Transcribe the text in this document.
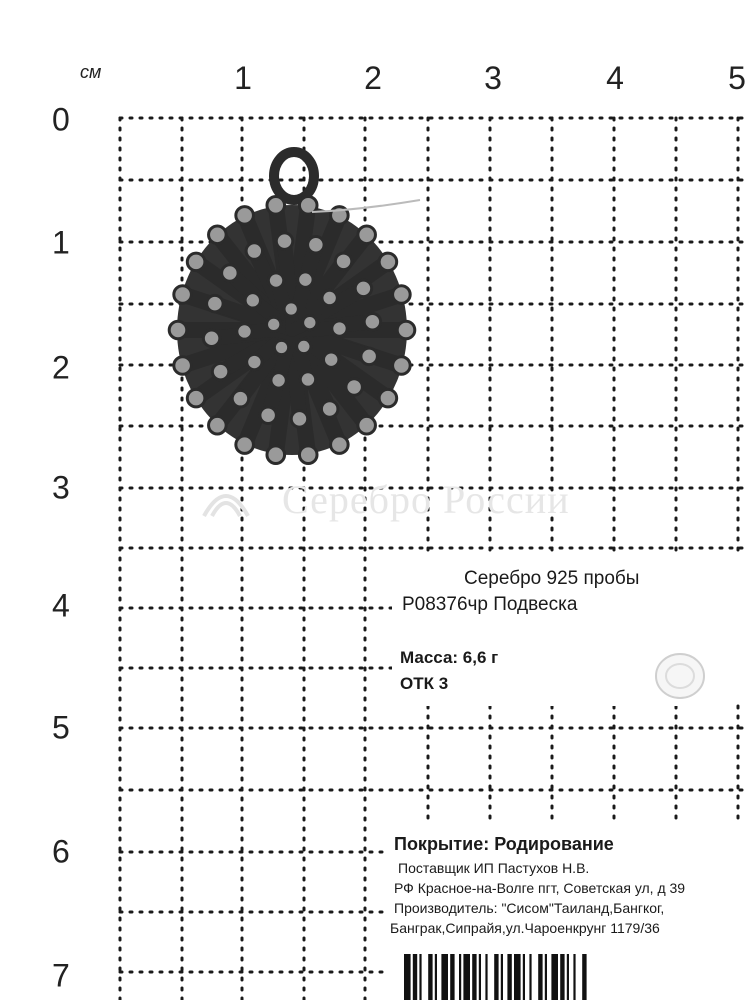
см	1	2	3	4	5
0
1
2
3
4
5
6
7
Серебро России
Серебро 925 пробы
Р08376чр Подвеска
Масса: 6,6 г
ОТК 3
Покрытие: Родирование
Поставщик ИП Пастухов Н.В.
РФ Красное-на-Волге пгт, Советская ул, д 39
Производитель: "Сисом"Таиланд,Бангког,
Банграк,Сипрайя,ул.Чароенкрунг 1179/36
